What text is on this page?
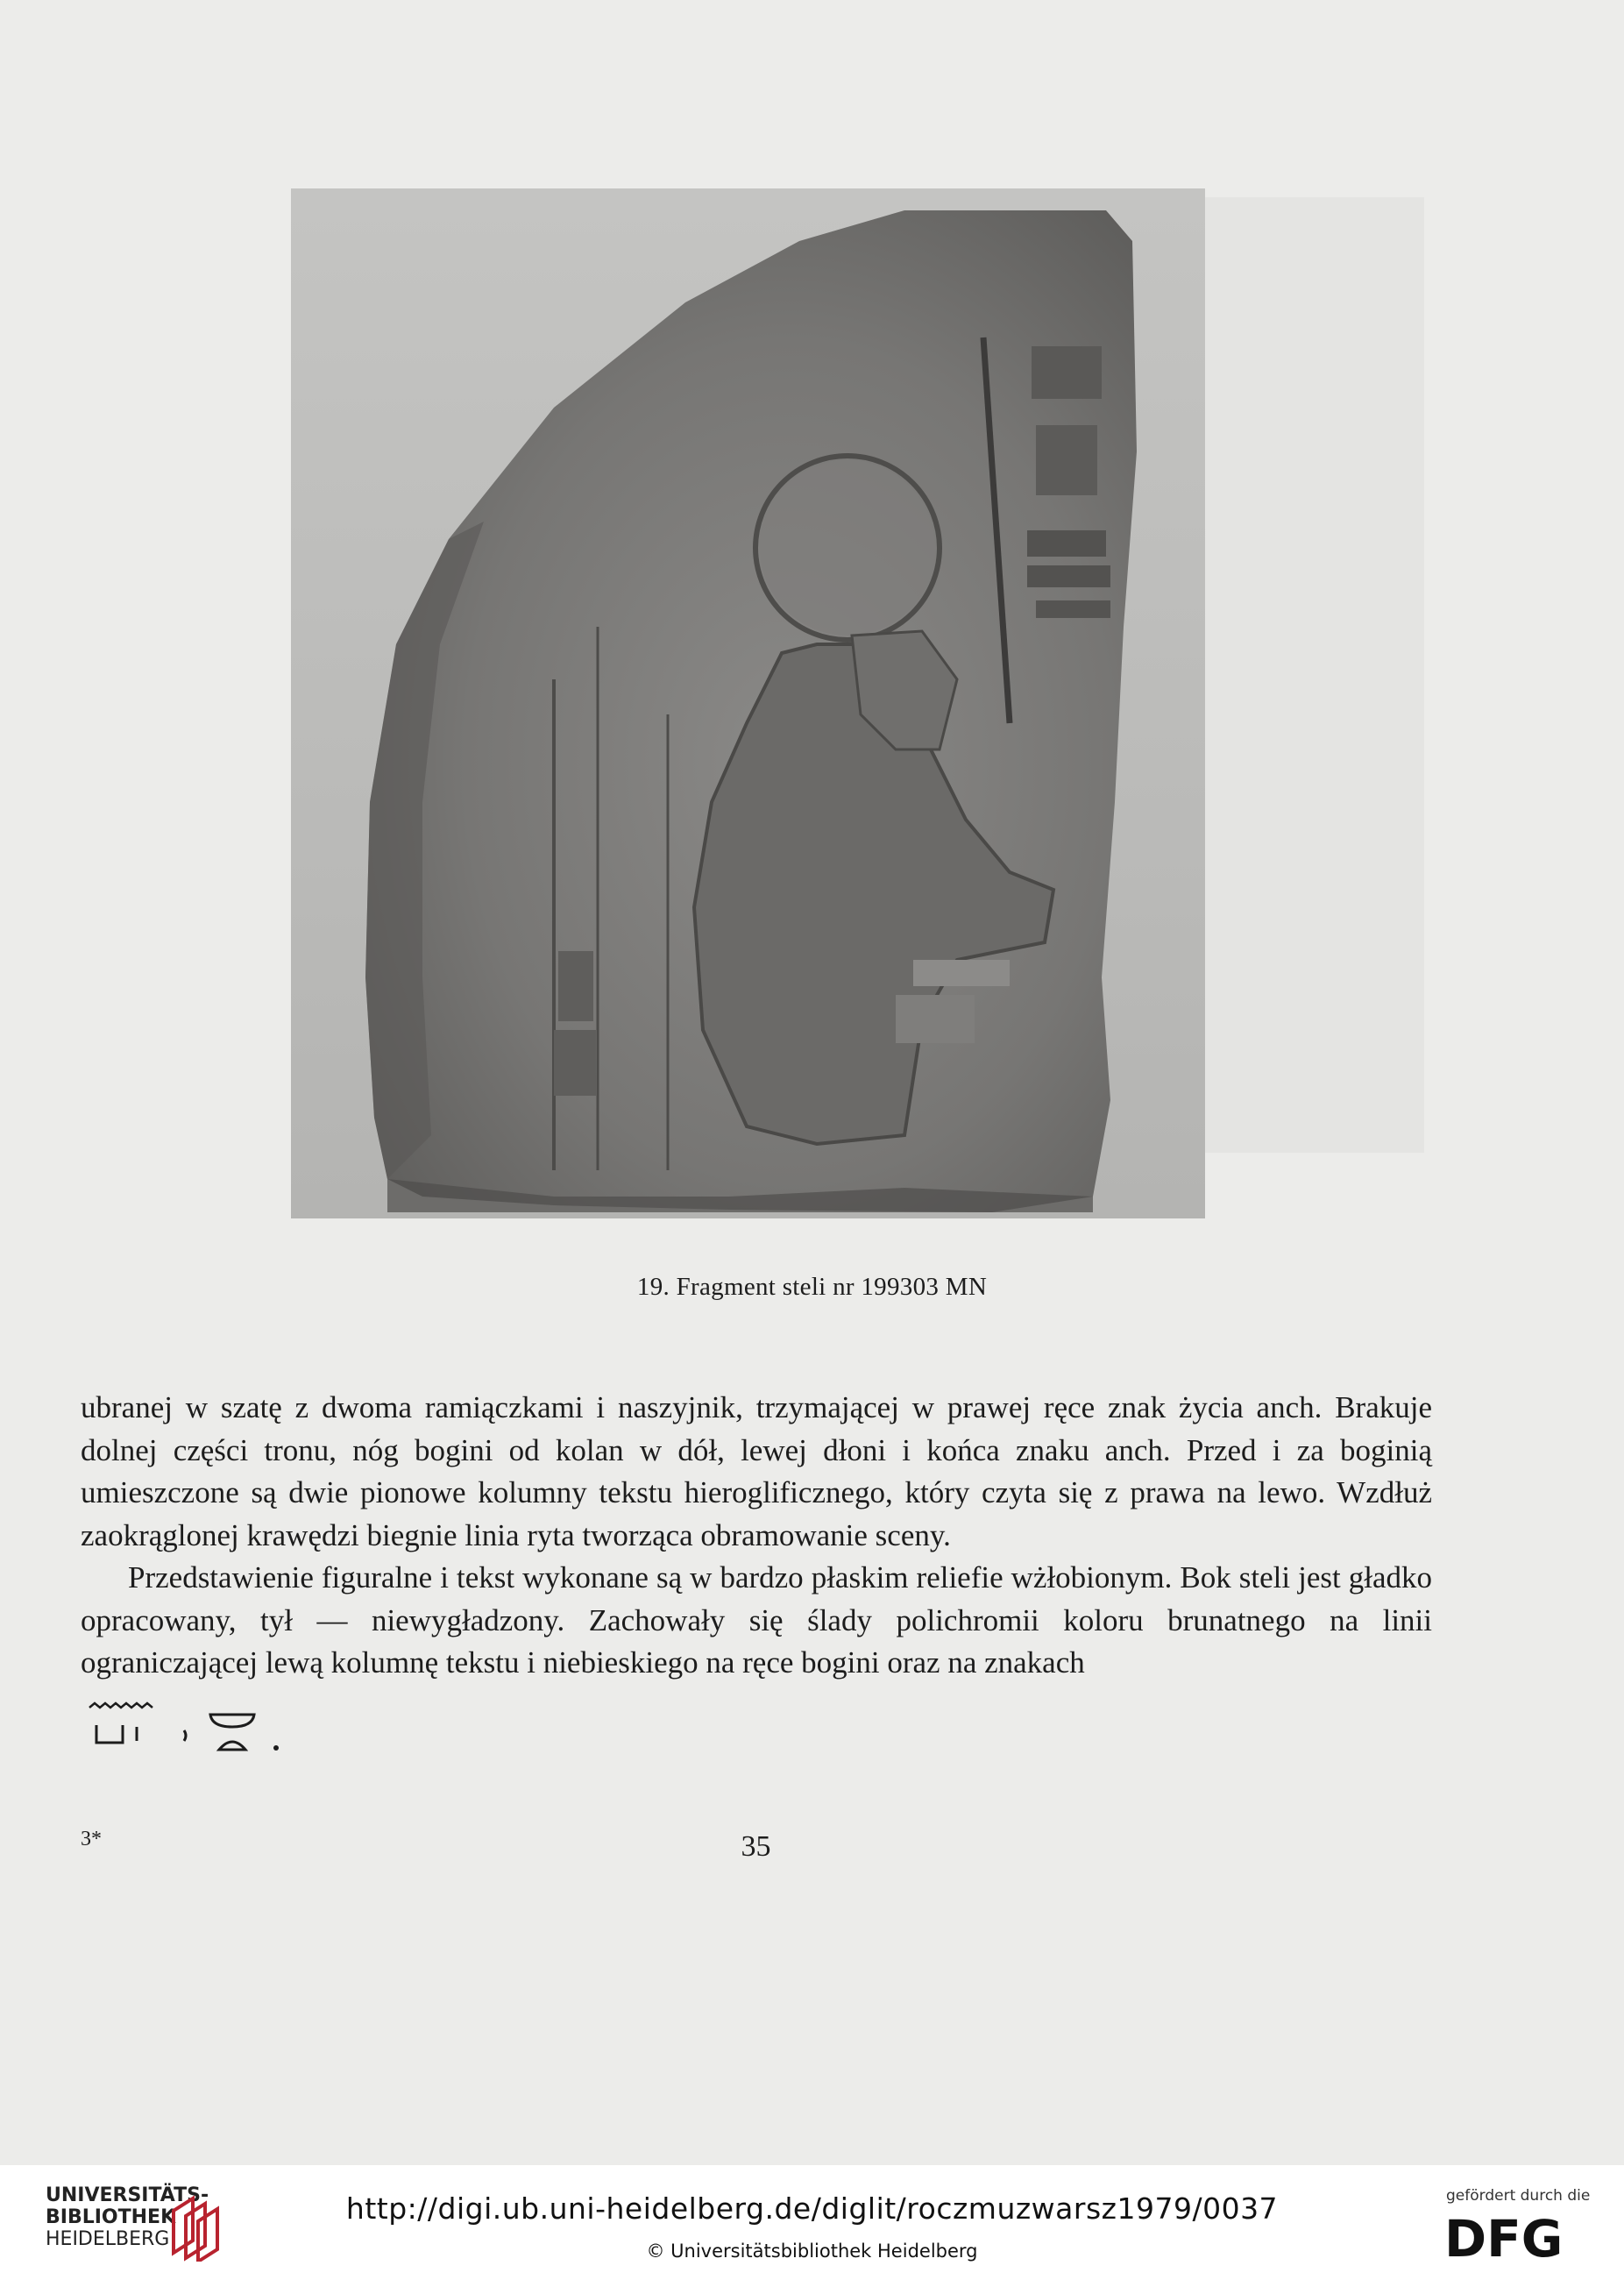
19. Fragment steli nr 199303 MN

ubranej w szatę z dwoma ramiączkami i naszyjnik, trzymającej w prawej ręce znak życia anch. Brakuje dolnej części tronu, nóg bogini od kolan w dół, lewej dłoni i końca znaku anch. Przed i za boginią umieszczone są dwie pionowe kolumny tekstu hieroglificznego, który czyta się z prawa na lewo. Wzdłuż zaokrąglonej krawędzi biegnie linia ryta tworząca obramowanie sceny.

Przedstawienie figuralne i tekst wykonane są w bardzo płaskim reliefie wżłobionym. Bok steli jest gładko opracowany, tył — niewygładzony. Zachowały się ślady polichromii koloru brunatnego na linii ograniczającej lewą kolumnę tekstu i niebieskiego na ręce bogini oraz na znakach

3*	35
UNIVERSITÄTS-
BIBLIOTHEK
HEIDELBERG
http://digi.ub.uni-heidelberg.de/diglit/roczmuzwarsz1979/0037
© Universitätsbibliothek Heidelberg
gefördert durch die
DFG
